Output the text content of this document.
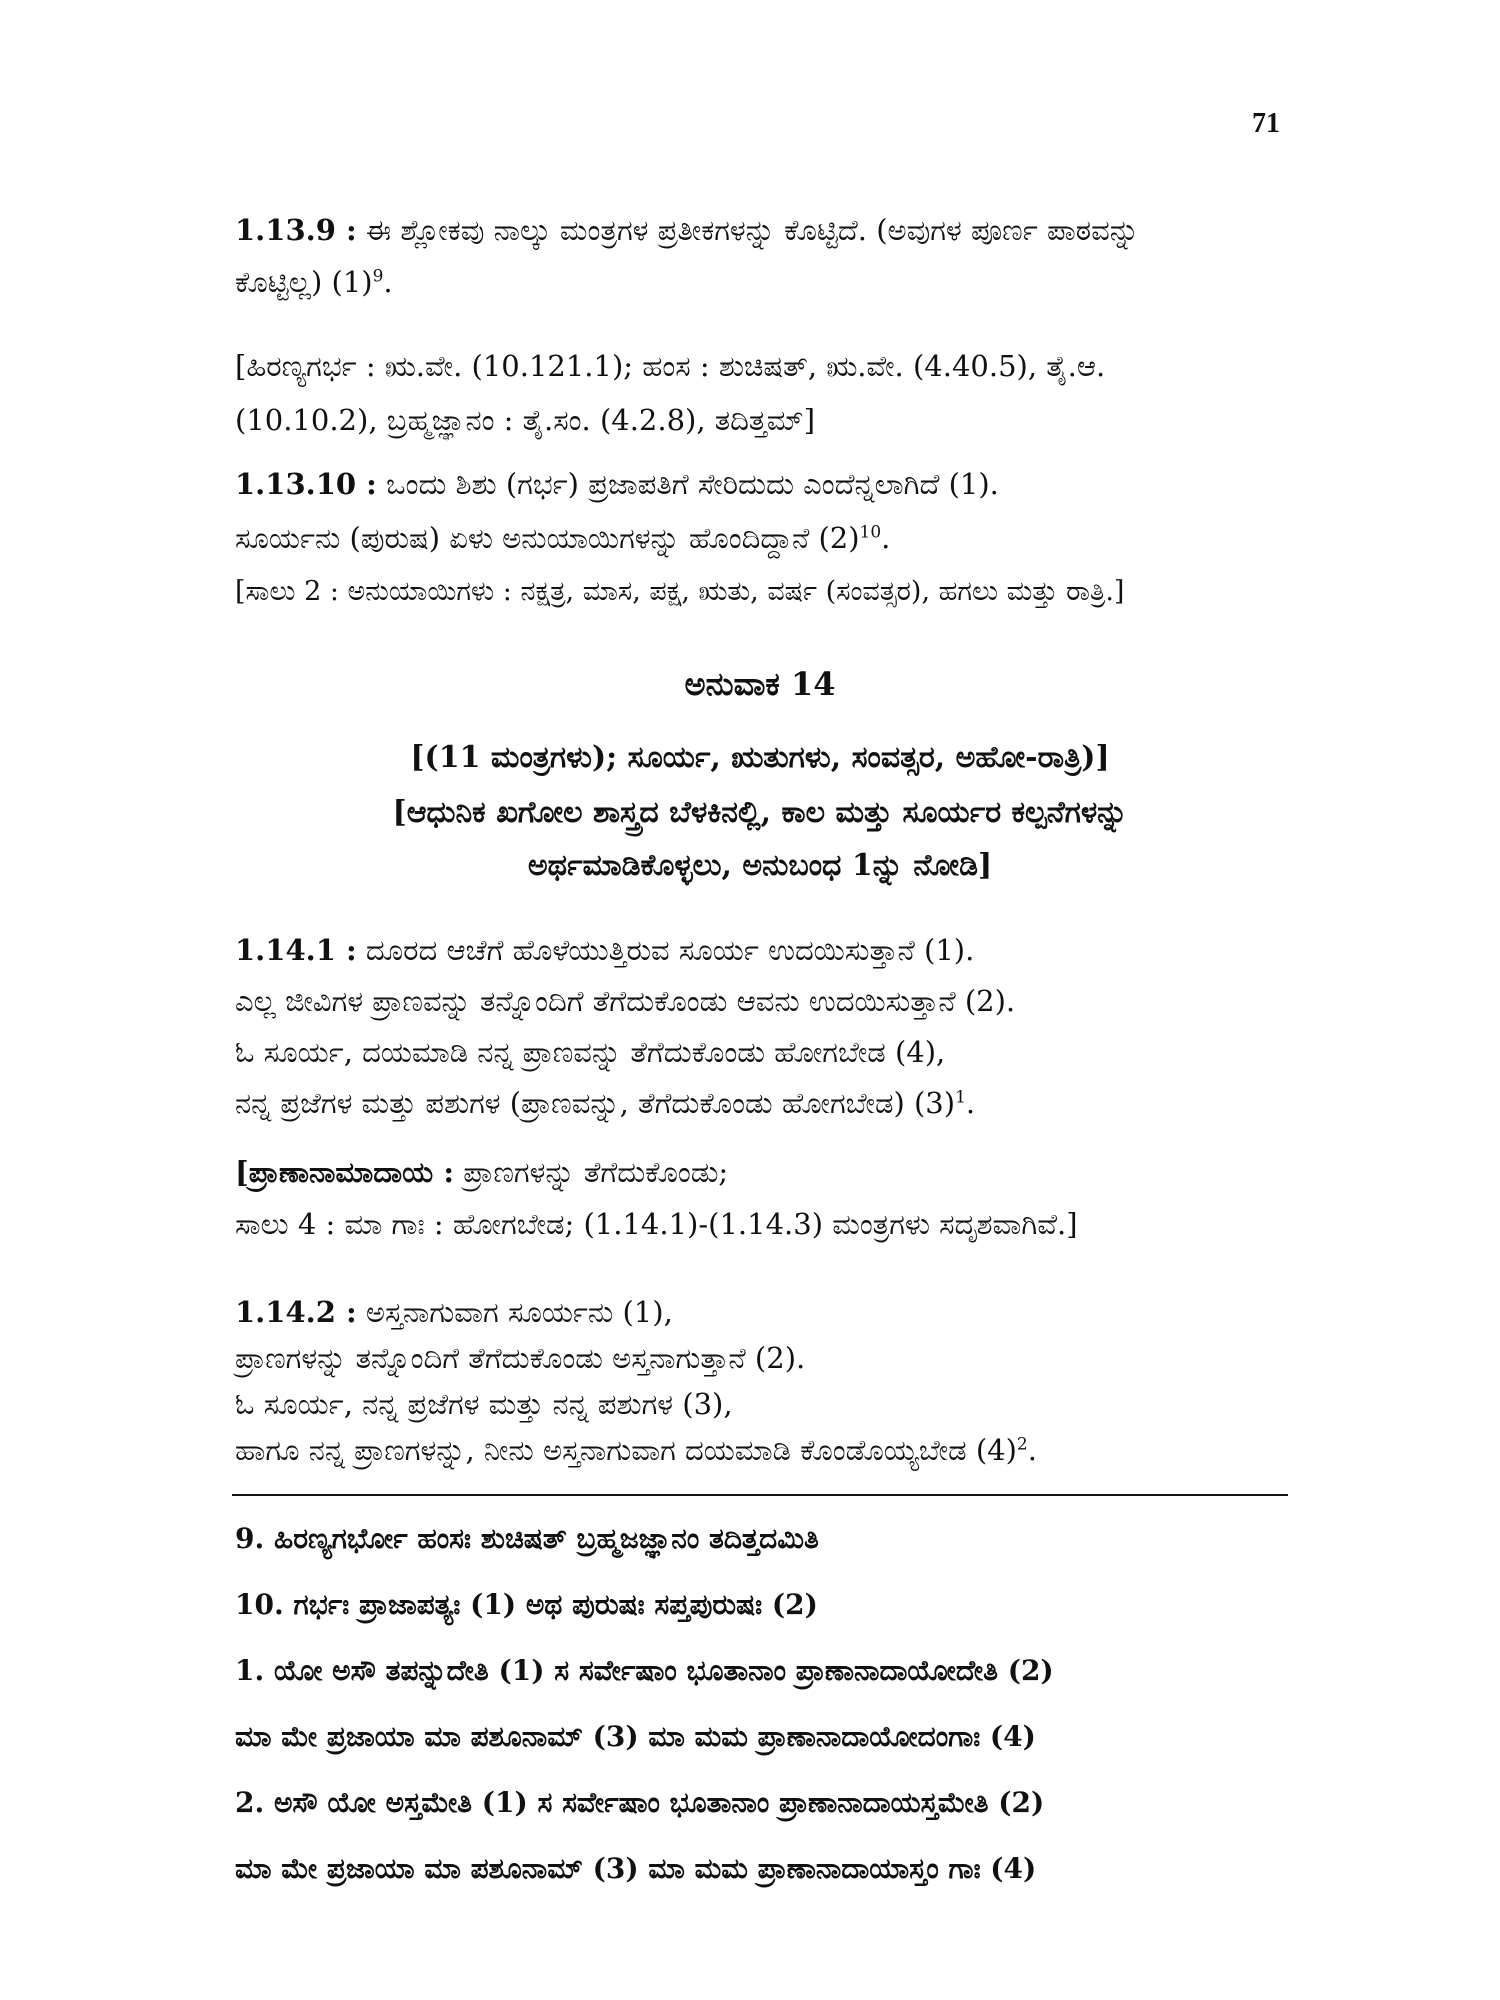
71
1.13.9 : ಈ ಶ್ಲೋಕವು ನಾಲ್ಕು ಮಂತ್ರಗಳ ಪ್ರತೀಕಗಳನ್ನು ಕೊಟ್ಟಿದೆ. (ಅವುಗಳ ಪೂರ್ಣ ಪಾಠವನ್ನು
ಕೊಟ್ಟಿಲ್ಲ) $(1)^9$.
[ಹಿರಣ್ಯಗರ್ಭ : ಋ.ವೇ. (10.121.1); ಹಂಸ : ಶುಚಿಷತ್, ಋ.ವೇ. (4.40.5), ತೈ.ಆ.
(10.10.2), ಬ್ರಹ್ಮಜ್ಞಾನಂ : ತೈ.ಸಂ. (4.2.8), ತದಿತ್ತಮ್]
1.13.10 : ಒಂದು ಶಿಶು (ಗರ್ಭ) ಪ್ರಜಾಪತಿಗೆ ಸೇರಿದುದು ಎಂದೆನ್ನಲಾಗಿದೆ (1).
ಸೂರ್ಯನು (ಪುರುಷ) ಏಳು ಅನುಯಾಯಿಗಳನ್ನು ಹೊಂದಿದ್ದಾನೆ $(2)^{10}$.
[ಸಾಲು 2 : ಅನುಯಾಯಿಗಳು : ನಕ್ಷತ್ರ, ಮಾಸ, ಪಕ್ಷ, ಋತು, ವರ್ಷ (ಸಂವತ್ಸರ), ಹಗಲು ಮತ್ತು ರಾತ್ರಿ.]
ಅನುವಾಕ 14
[(11 ಮಂತ್ರಗಳು); ಸೂರ್ಯ, ಋತುಗಳು, ಸಂವತ್ಸರ, ಅಹೋ-ರಾತ್ರಿ)]
[ಆಧುನಿಕ ಖಗೋಲ ಶಾಸ್ತ್ರದ ಬೆಳಕಿನಲ್ಲಿ, ಕಾಲ ಮತ್ತು ಸೂರ್ಯರ ಕಲ್ಪನೆಗಳನ್ನು
ಅರ್ಥಮಾಡಿಕೊಳ್ಳಲು, ಅನುಬಂಧ 1ನ್ನು ನೋಡಿ]
1.14.1 : ದೂರದ ಆಚೆಗೆ ಹೊಳೆಯುತ್ತಿರುವ ಸೂರ್ಯ ಉದಯಿಸುತ್ತಾನೆ (1).
ಎಲ್ಲ ಜೀವಿಗಳ ಪ್ರಾಣವನ್ನು ತನ್ನೊಂದಿಗೆ ತೆಗೆದುಕೊಂಡು ಆವನು ಉದಯಿಸುತ್ತಾನೆ (2).
ಓ ಸೂರ್ಯ, ದಯಮಾಡಿ ನನ್ನ ಪ್ರಾಣವನ್ನು ತೆಗೆದುಕೊಂಡು ಹೋಗಬೇಡ (4),
ನನ್ನ ಪ್ರಜೆಗಳ ಮತ್ತು ಪಶುಗಳ (ಪ್ರಾಣವನ್ನು, ತೆಗೆದುಕೊಂಡು ಹೋಗಬೇಡ) $(3)^1$.
[ಪ್ರಾಣಾನಾಮಾದಾಯ : ಪ್ರಾಣಗಳನ್ನು ತೆಗೆದುಕೊಂಡು;
ಸಾಲು 4 : ಮಾ ಗಾಃ : ಹೋಗಬೇಡ; (1.14.1)-(1.14.3) ಮಂತ್ರಗಳು ಸದೃಶವಾಗಿವೆ.]
1.14.2 : ಅಸ್ತನಾಗುವಾಗ ಸೂರ್ಯನು (1),
ಪ್ರಾಣಗಳನ್ನು ತನ್ನೊಂದಿಗೆ ತೆಗೆದುಕೊಂಡು ಅಸ್ತನಾಗುತ್ತಾನೆ (2).
ಓ ಸೂರ್ಯ, ನನ್ನ ಪ್ರಜೆಗಳ ಮತ್ತು ನನ್ನ ಪಶುಗಳ (3),
ಹಾಗೂ ನನ್ನ ಪ್ರಾಣಗಳನ್ನು, ನೀನು ಅಸ್ತನಾಗುವಾಗ ದಯಮಾಡಿ ಕೊಂಡೊಯ್ಯಬೇಡ $(4)^2$.
9. ಹಿರಣ್ಯಗರ್ಭೋ ಹಂಸಃ ಶುಚಿಷತ್ ಬ್ರಹ್ಮಜಜ್ಞಾನಂ ತದಿತ್ತದಮಿತಿ
10. ಗರ್ಭಃ ಪ್ರಾಜಾಪತ್ಯಃ (1) ಅಥ ಪುರುಷಃ ಸಪ್ತಪುರುಷಃ (2)
1. ಯೋ ಅಸೌ ತಪನ್ನುದೇತಿ (1) ಸ ಸರ್ವೇಷಾಂ ಭೂತಾನಾಂ ಪ್ರಾಣಾನಾದಾಯೋದೇತಿ (2)
ಮಾ ಮೇ ಪ್ರಜಾಯಾ ಮಾ ಪಶೂನಾಮ್ (3) ಮಾ ಮಮ ಪ್ರಾಣಾನಾದಾಯೋದಂಗಾಃ (4)
2. ಅಸೌ ಯೋ ಅಸ್ತಮೇತಿ (1) ಸ ಸರ್ವೇಷಾಂ ಭೂತಾನಾಂ ಪ್ರಾಣಾನಾದಾಯಸ್ತಮೇತಿ (2)
ಮಾ ಮೇ ಪ್ರಜಾಯಾ ಮಾ ಪಶೂನಾಮ್ (3) ಮಾ ಮಮ ಪ್ರಾಣಾನಾದಾಯಾಸ್ತಂ ಗಾಃ (4)
